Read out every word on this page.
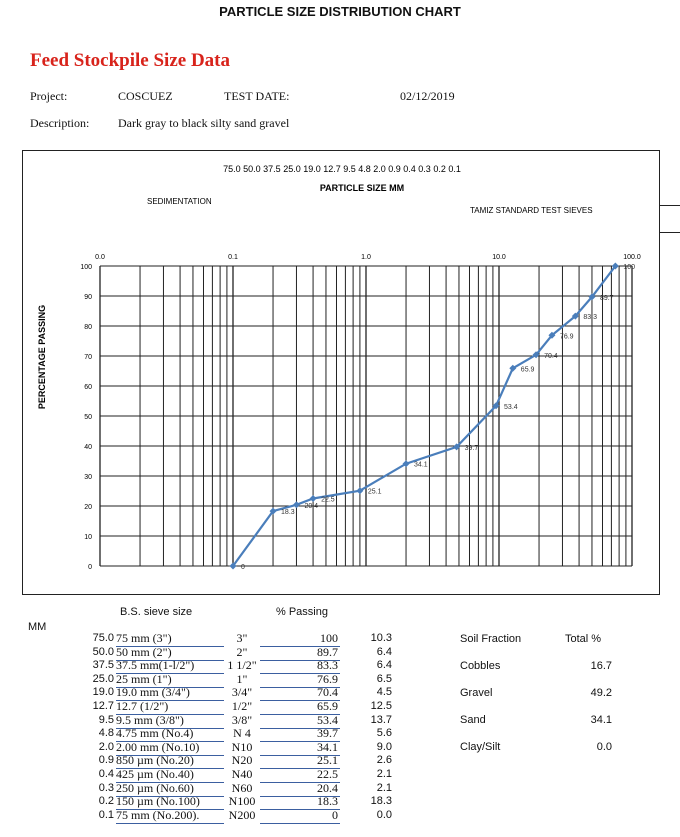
PARTICLE SIZE DISTRIBUTION CHART
Feed Stockpile Size Data
Project:	COSCUEZ	TEST DATE:	02/12/2019
Description: Dark gray to black silty sand gravel
75.0 50.0 37.5 25.0 19.0 12.7 9.5 4.8 2.0 0.9 0.4 0.3 0.2 0.1
PARTICLE SIZE MM
SEDIMENTATION
TAMIZ STANDARD TEST SIEVES
PERCENTAGE PASSING
0.0	0.1	1.0	10.0	100.0
0
10
20
30
40
50
60
70
80
90
100	100
89.7
83.3
76.9
70.4
65.9
53.4
39.7
34.1
25.1
22.5
20.4
18.3
0
B.S. sieve size	% Passing
MM
75.0 75 mm (3")	3"	100	10.3
50.0 50 mm (2")	2"	89.7	6.4
37.5 37.5 mm(1-l/2")	1 1/2"	83.3	6.4
25.0 25 mm (1")	1"	76.9	6.5
19.0 19.0 mm (3/4")	3/4"	70.4	4.5
12.7 12.7 (1/2")	1/2"	65.9	12.5
9.5 9.5 mm (3/8")	3/8"	53.4	13.7
4.8 4.75 mm (No.4)	N 4	39.7	5.6
2.0 2.00 mm (No.10)	N10	34.1	9.0
0.9 850 µm (No.20)	N20	25.1	2.6
0.4 425 µm (No.40)	N40	22.5	2.1
0.3 250 µm (No.60)	N60	20.4	2.1
0.2 150 µm (No.100)	N100	18.3	18.3
0.1 75 mm (No.200).	N200	0	0.0
Soil Fraction	Total %
Cobbles	16.7
Gravel	49.2
Sand	34.1
Clay/Silt	0.0
